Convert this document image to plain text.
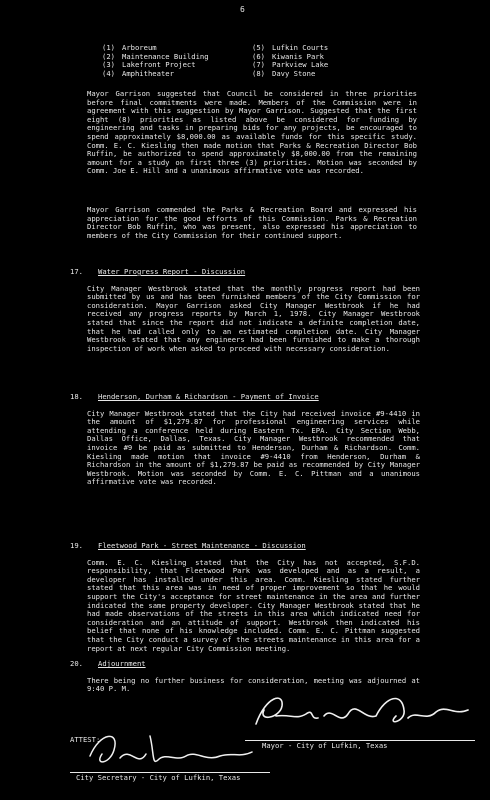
6
(1) Arboreum	(5) Lufkin Courts
(2) Maintenance Building	(6) Kiwanis Park
(3) Lakefront Project	(7) Parkview Lake
(4) Amphitheater	(8) Davy Stone

Mayor Garrison suggested that Council be considered in three priorities before final commitments were made. Members of the Commission were in agreement with this suggestion by Mayor Garrison. Suggested that the first eight (8) priorities as listed above be considered for funding by engineering and tasks in preparing bids for any projects, be encouraged to spend approximately $8,000.00 as available funds for this specific study. Comm. E. C. Kiesling then made motion that Parks & Recreation Director Bob Ruffin, be authorized to spend approximately $8,000.00 from the remaining amount for a study on first three (3) priorities. Motion was seconded by Comm. Joe E. Hill and a unanimous affirmative vote was recorded.

Mayor Garrison commended the Parks & Recreation Board and expressed his appreciation for the good efforts of this Commission. Parks & Recreation Director Bob Ruffin, who was present, also expressed his appreciation to members of the City Commission for their continued support.

17. Water Progress Report - Discussion

City Manager Westbrook stated that the monthly progress report had been submitted by us and has been furnished members of the City Commission for consideration. Mayor Garrison asked City Manager Westbrook if he had received any progress reports by March 1, 1978. City Manager Westbrook stated that since the report did not indicate a definite completion date, that he had called only to an estimated completion date. City Manager Westbrook stated that any engineers had been furnished to make a thorough inspection of work when asked to proceed with necessary consideration.

18. Henderson, Durham & Richardson - Payment of Invoice

City Manager Westbrook stated that the City had received invoice #9-4410 in the amount of $1,279.87 for professional engineering services while attending a conference held during Eastern Tx. EPA. City Section Webb, Dallas Office, Dallas, Texas. City Manager Westbrook recommended that invoice #9 be paid as submitted to Henderson, Durham & Richardson. Comm. Kiesling made motion that invoice #9-4410 from Henderson, Durham & Richardson in the amount of $1,279.87 be paid as recommended by City Manager Westbrook. Motion was seconded by Comm. E. C. Pittman and a unanimous affirmative vote was recorded.

19. Fleetwood Park - Street Maintenance - Discussion

Comm. E. C. Kiesling stated that the City has not accepted, S.F.D. responsibility, that Fleetwood Park was developed and as a result, a developer has installed under this area. Comm. Kiesling stated further stated that this area was in need of proper improvement so that he would support the City's acceptance for street maintenance in the area and further indicated the same property developer. City Manager Westbrook stated that he had made observations of the streets in this area which indicated need for consideration and an attitude of support. Westbrook then indicated his belief that none of his knowledge included. Comm. E. C. Pittman suggested that the City conduct a survey of the streets maintenance in this area for a report at next regular City Commission meeting.

20. Adjournment

There being no further business for consideration, meeting was adjourned at 9:40 P. M.

Mayor - City of Lufkin, Texas
ATTEST:
City Secretary - City of Lufkin, Texas
